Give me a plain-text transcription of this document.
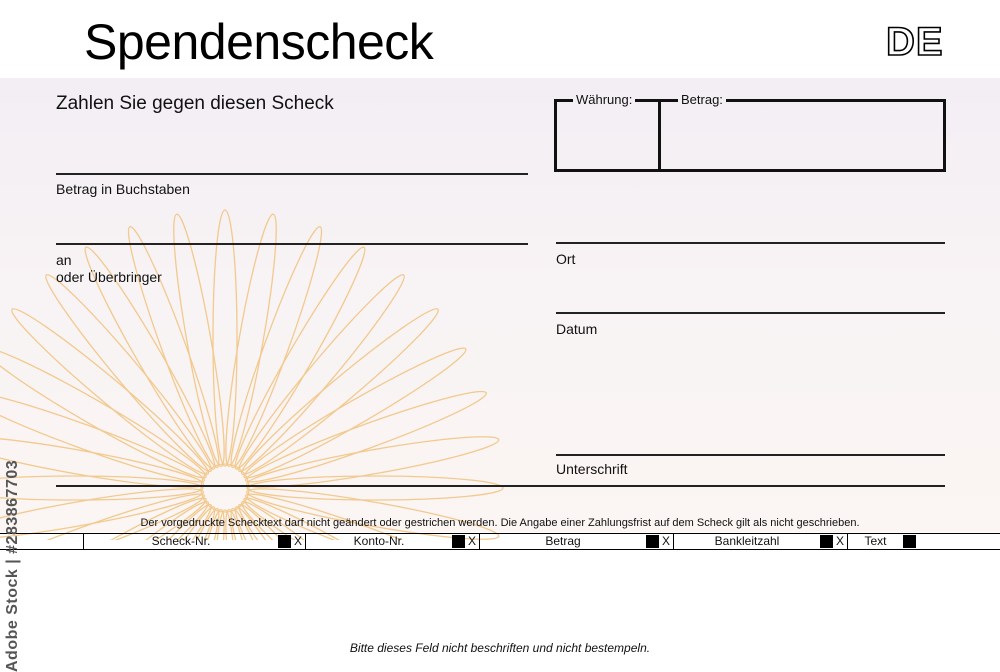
Spendenscheck	DE
Zahlen Sie gegen diesen Scheck
Betrag in Buchstaben
an
oder Überbringer
Währung:	Betrag:
Ort
Datum
Unterschrift
Der vorgedruckte Schecktext darf nicht geändert oder gestrichen werden. Die Angabe einer Zahlungsfrist auf dem Scheck gilt als nicht geschrieben.
Scheck-Nr.	X	Konto-Nr.	X	Betrag	X	Bankleitzahl	X	Text
Bitte dieses Feld nicht beschriften und nicht bestempeln.
Adobe Stock | #283867703
